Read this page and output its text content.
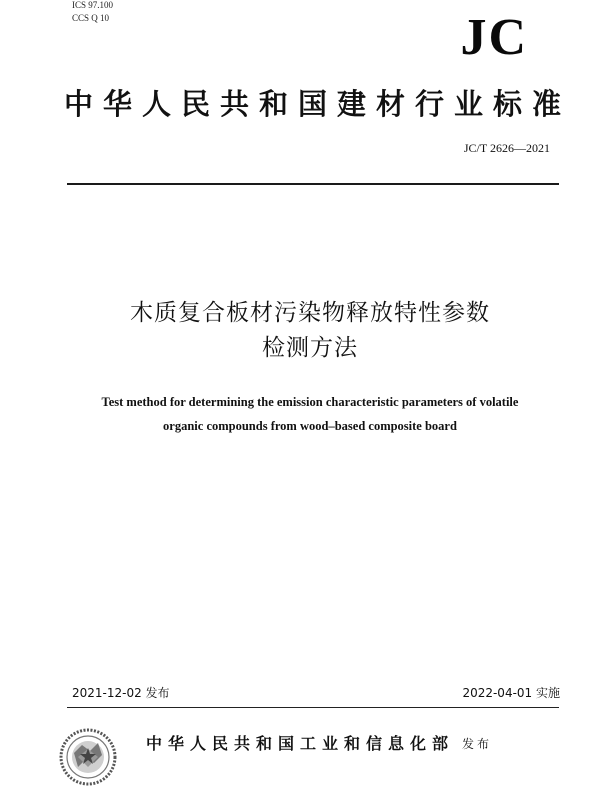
ICS 97.100
CCS Q 10	JC
中华人民共和国建材行业标准
JC/T 2626—2021
木质复合板材污染物释放特性参数
检测方法
Test method for determining the emission characteristic parameters of volatile
organic compounds from wood–based composite board
2021-12-02 发布	2022-04-01 实施
中华人民共和国工业和信息化部 发布
